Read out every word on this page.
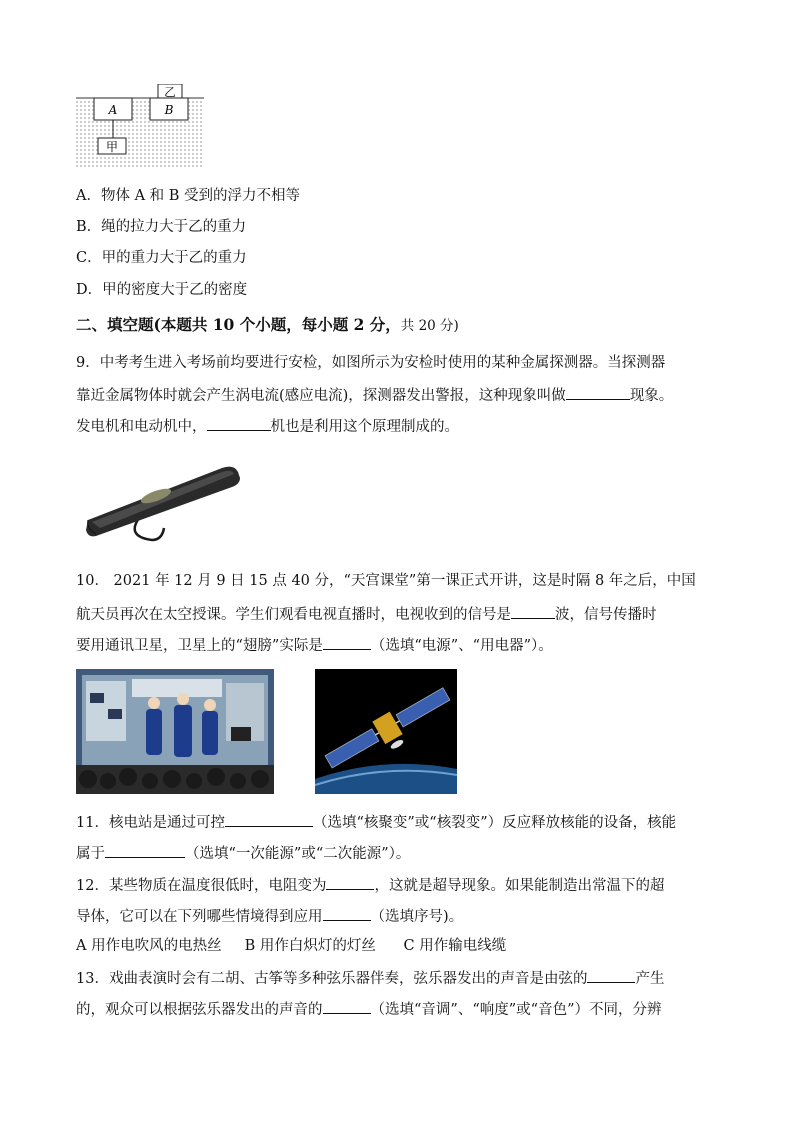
A
甲
B
乙
A．物体 A 和 B 受到的浮力不相等
B．绳的拉力大于乙的重力
C．甲的重力大于乙的重力
D．甲的密度大于乙的密度
二、填空题(本题共 10 个小题，每小题 2 分，共 20 分)
9．中考考生进入考场前均要进行安检，如图所示为安检时使用的某种金属探测器。当探测器
靠近金属物体时就会产生涡电流(感应电流)，探测器发出警报，这种现象叫做	现象。
发电机和电动机中，	机也是利用这个原理制成的。
10． 2021 年 12 月 9 日 15 点 40 分，“天宫课堂”第一课正式开讲，这是时隔 8 年之后，中国
航天员再次在太空授课。学生们观看电视直播时，电视收到的信号是	波，信号传播时
要用通讯卫星，卫星上的“翅膀”实际是	（选填“电源”、“用电器”）。
11．核电站是通过可控	（选填“核聚变”或“核裂变”）反应释放核能的设备，核能
属于	（选填“一次能源”或“二次能源”）。
12．某些物质在温度很低时，电阻变为	，这就是超导现象。如果能制造出常温下的超
导体，它可以在下列哪些情境得到应用	（选填序号)。
A 用作电吹风的电热丝     B 用作白炽灯的灯丝      C 用作输电线缆
13．戏曲表演时会有二胡、古筝等多种弦乐器伴奏，弦乐器发出的声音是由弦的	产生
的，观众可以根据弦乐器发出的声音的	（选填“音调”、“响度”或“音色”）不同，分辨
